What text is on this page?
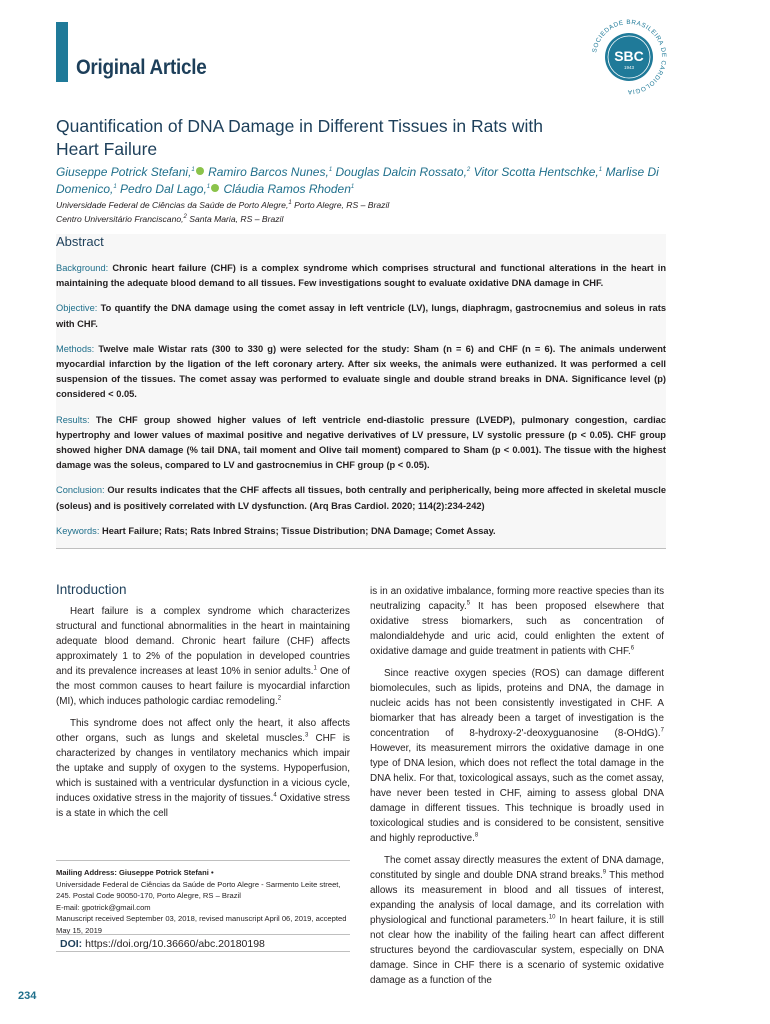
Original Article	SBC
1943
SOCIEDADE BRASILEIRA DE CARDIOLOGIA
Quantification of DNA Damage in Different Tissues in Rats with
Heart Failure
Giuseppe Potrick Stefani,$^1$ Ramiro Barcos Nunes,$^1$ Douglas Dalcin Rossato,$^2$ Vitor Scotta Hentschke,$^1$ Marlise Di Domenico,$^1$ Pedro Dal Lago,$^1$ Cláudia Ramos Rhoden$^1$
Universidade Federal de Ciências da Saúde de Porto Alegre,$^1$ Porto Alegre, RS – Brazil
Centro Universitário Franciscano,$^2$ Santa Maria, RS – Brazil
Abstract

Background: Chronic heart failure (CHF) is a complex syndrome which comprises structural and functional alterations in the heart in maintaining the adequate blood demand to all tissues. Few investigations sought to evaluate oxidative DNA damage in CHF.

Objective: To quantify the DNA damage using the comet assay in left ventricle (LV), lungs, diaphragm, gastrocnemius and soleus in rats with CHF.

Methods: Twelve male Wistar rats (300 to 330 g) were selected for the study: Sham (n = 6) and CHF (n = 6). The animals underwent myocardial infarction by the ligation of the left coronary artery. After six weeks, the animals were euthanized. It was performed a cell suspension of the tissues. The comet assay was performed to evaluate single and double strand breaks in DNA. Significance level (p) considered < 0.05.

Results: The CHF group showed higher values of left ventricle end-diastolic pressure (LVEDP), pulmonary congestion, cardiac hypertrophy and lower values of maximal positive and negative derivatives of LV pressure, LV systolic pressure (p < 0.05). CHF group showed higher DNA damage (% tail DNA, tail moment and Olive tail moment) compared to Sham (p < 0.001). The tissue with the highest damage was the soleus, compared to LV and gastrocnemius in CHF group (p < 0.05).

Conclusion: Our results indicates that the CHF affects all tissues, both centrally and peripherically, being more affected in skeletal muscle (soleus) and is positively correlated with LV dysfunction. (Arq Bras Cardiol. 2020; 114(2):234-242)

Keywords: Heart Failure; Rats; Rats Inbred Strains; Tissue Distribution; DNA Damage; Comet Assay.

Introduction

Heart failure is a complex syndrome which characterizes structural and functional abnormalities in the heart in maintaining adequate blood demand. Chronic heart failure (CHF) affects approximately 1 to 2% of the population in developed countries and its prevalence increases at least 10% in senior adults.$^1$ One of the most common causes to heart failure is myocardial infarction (MI), which induces pathologic cardiac remodeling.$^2$

This syndrome does not affect only the heart, it also affects other organs, such as lungs and skeletal muscles.$^3$ CHF is characterized by changes in ventilatory mechanics which impair the uptake and supply of oxygen to the systems. Hypoperfusion, which is sustained with a ventricular dysfunction in a vicious cycle, induces oxidative stress in the majority of tissues.$^4$ Oxidative stress is a state in which the cell

is in an oxidative imbalance, forming more reactive species than its neutralizing capacity.$^5$ It has been proposed elsewhere that oxidative stress biomarkers, such as concentration of malondialdehyde and uric acid, could enlighten the extent of oxidative damage and guide treatment in patients with CHF.$^6$

Since reactive oxygen species (ROS) can damage different biomolecules, such as lipids, proteins and DNA, the damage in nucleic acids has not been consistently investigated in CHF. A biomarker that has already been a target of investigation is the concentration of 8-hydroxy-2'-deoxyguanosine (8-OHdG).$^7$ However, its measurement mirrors the oxidative damage in one type of DNA lesion, which does not reflect the total damage in the DNA helix. For that, toxicological assays, such as the comet assay, have never been tested in CHF, aiming to assess global DNA damage in different tissues. This technique is broadly used in toxicological studies and is considered to be consistent, sensitive and highly reproductive.$^8$

The comet assay directly measures the extent of DNA damage, constituted by single and double DNA strand breaks.$^9$ This method allows its measurement in blood and all tissues of interest, expanding the analysis of local damage, and its correlation with physiological and functional parameters.$^{10}$ In heart failure, it is still not clear how the inability of the failing heart can affect different structures beyond the cardiovascular system, especially on DNA damage. Since in CHF there is a scenario of systemic oxidative damage as a function of the

Mailing Address: Giuseppe Potrick Stefani •
Universidade Federal de Ciências da Saúde de Porto Alegre - Sarmento Leite street, 245. Postal Code 90050-170, Porto Alegre, RS – Brazil
E-mail: gpotrick@gmail.com
Manuscript received September 03, 2018, revised manuscript April 06, 2019, accepted May 15, 2019
DOI: https://doi.org/10.36660/abc.20180198
234
